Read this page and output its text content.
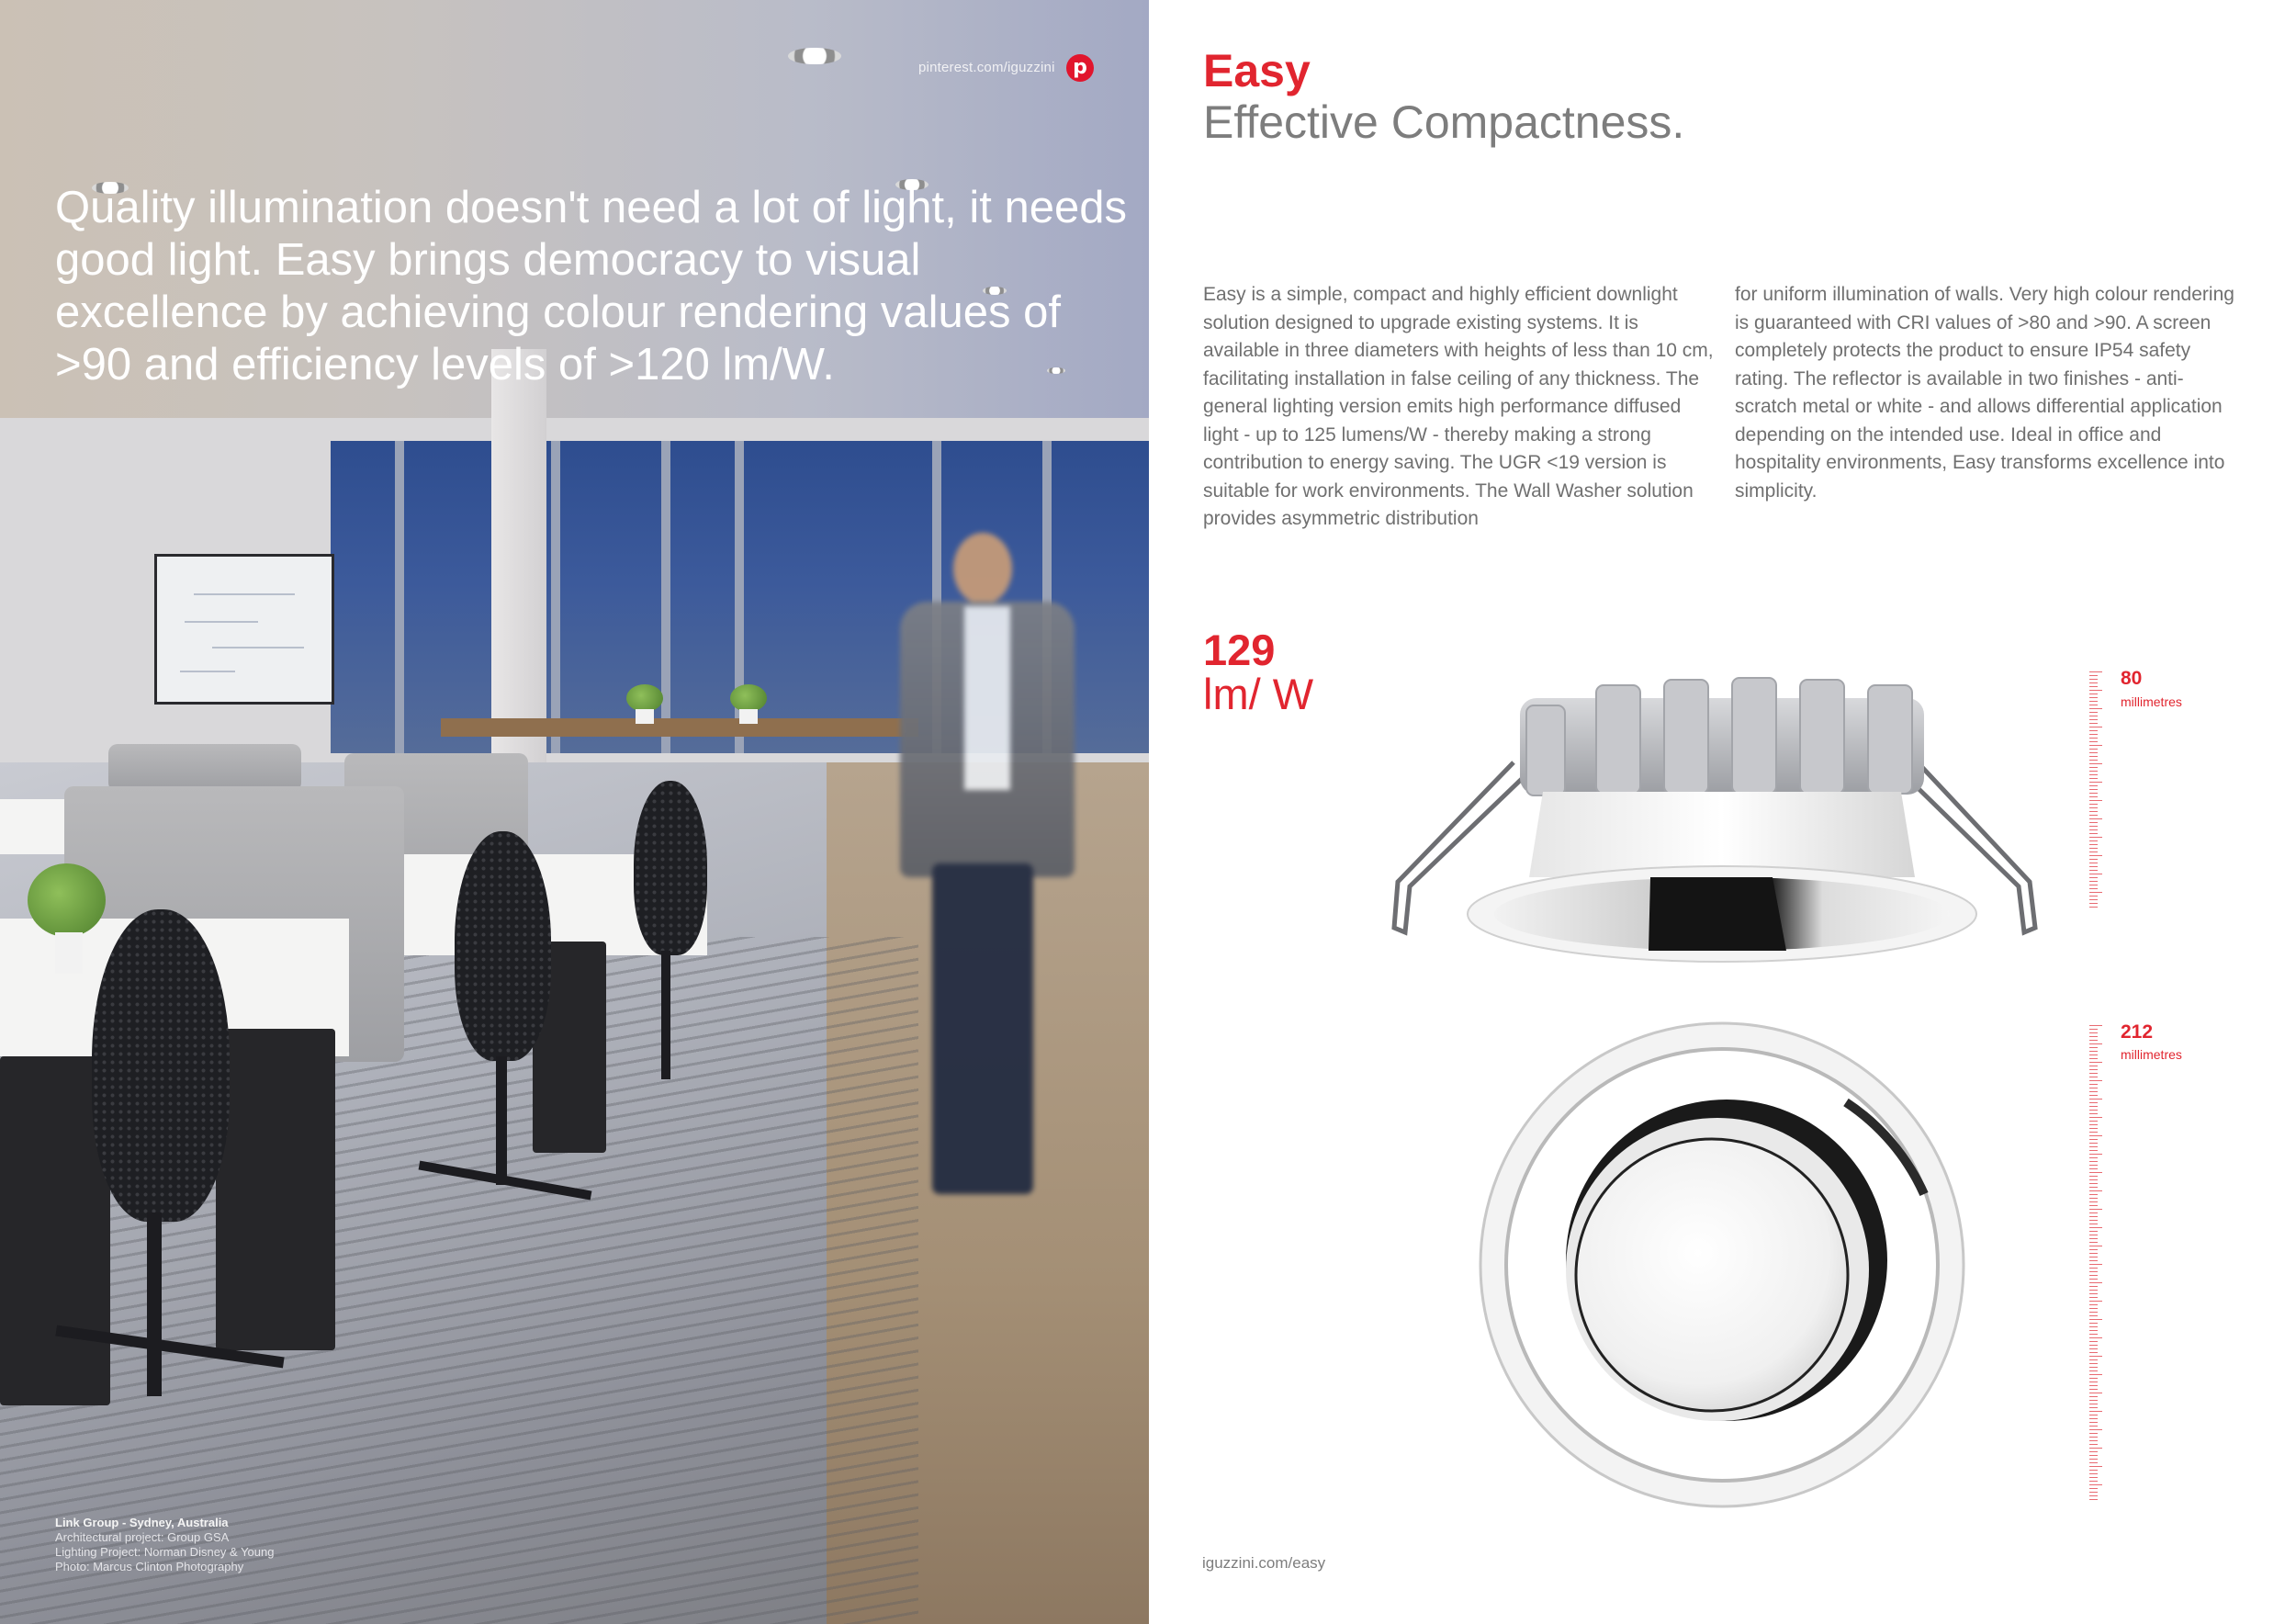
pinterest.com/iguzzini p
Quality illumination doesn't need a lot of light, it needs good light. Easy brings democracy to visual excellence by achieving colour rendering values of >90 and efficiency levels of >120 lm/W.
Link Group - Sydney, Australia
Architectural project: Group GSA
Lighting Project: Norman Disney & Young
Photo: Marcus Clinton Photography
Easy
Effective Compactness.
Easy is a simple, compact and highly efficient downlight solution designed to upgrade existing systems. It is available in three diameters with heights of less than 10 cm, facilitating installation in false ceiling of any thickness. The general lighting version emits high performance diffused light - up to 125 lumens/W - thereby making a strong contribution to energy saving. The UGR <19 version is suitable for work environments. The Wall Washer solution provides asymmetric distribution
for uniform illumination of walls. Very high colour rendering is guaranteed with CRI values of >80 and >90. A screen completely protects the product to ensure IP54 safety rating. The reflector is available in two finishes - anti-scratch metal or white - and allows differential application depending on the intended use. Ideal in office and hospitality environments, Easy transforms excellence into simplicity.
129
lm/ W	80
millimetres
212
millimetres
iguzzini.com/easy
